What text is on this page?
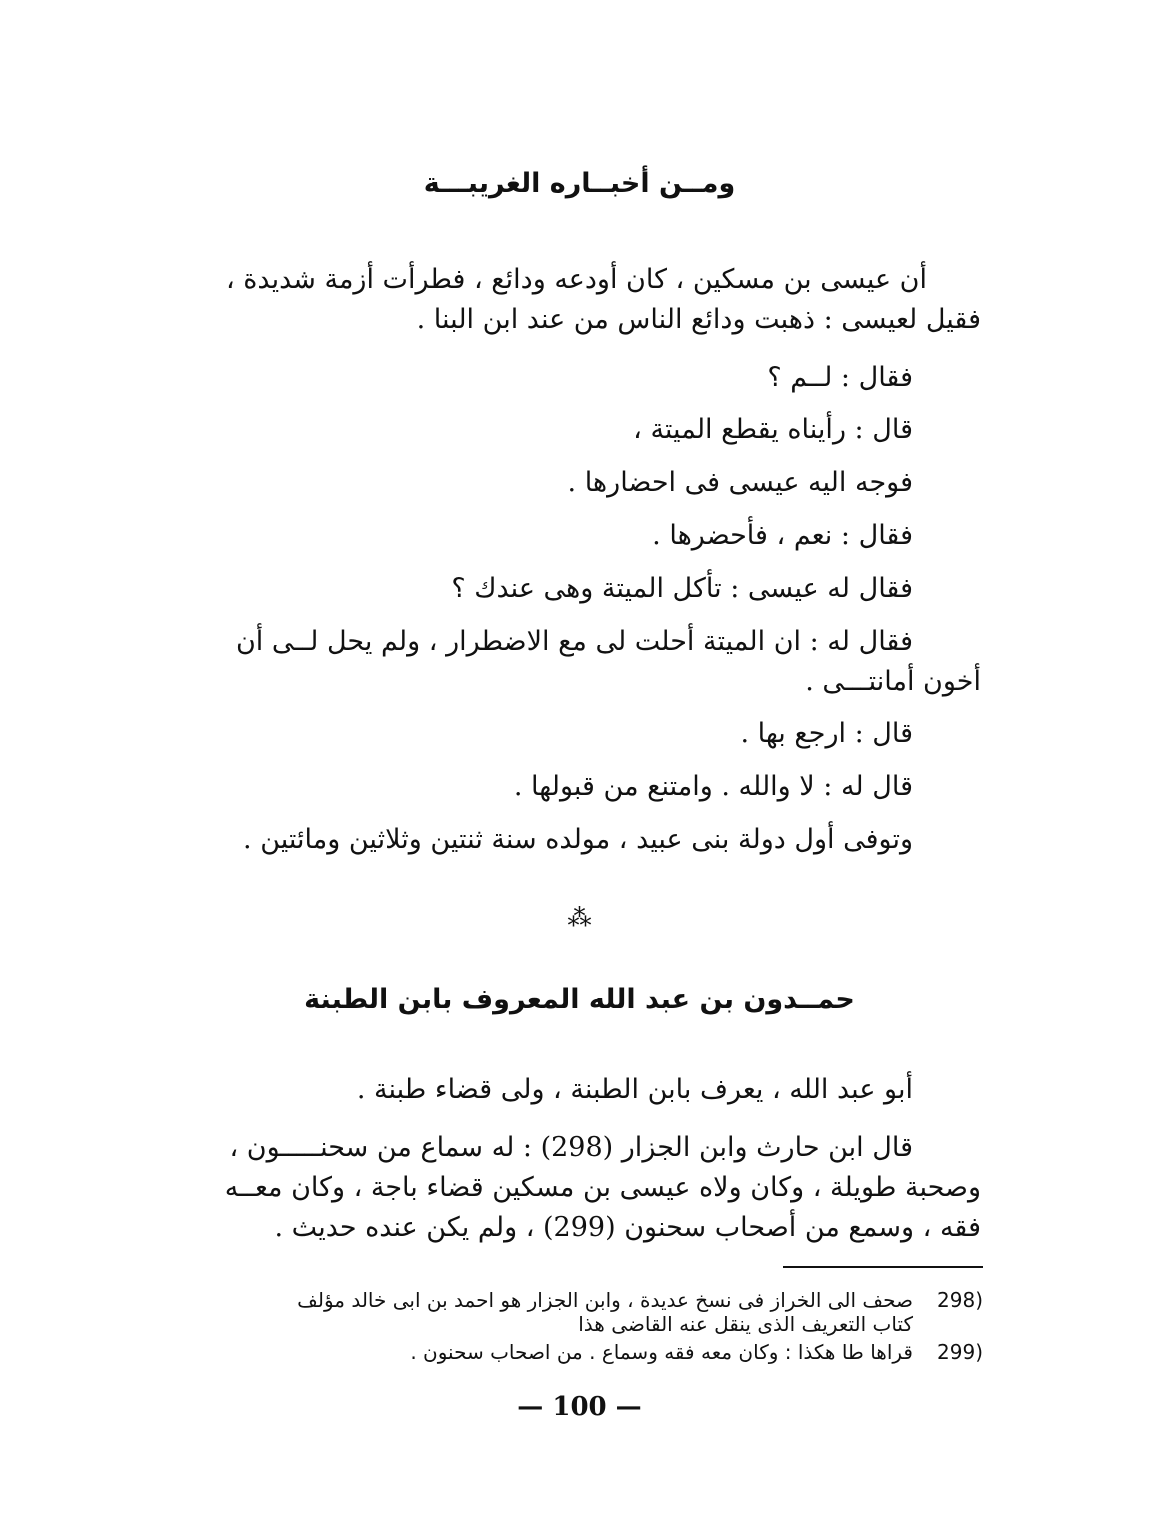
ومــن أخبــاره الغريبـــة
أن عيسى بن مسكين ، كان أودعه ودائع ، فطرأت أزمة شديدة ،
فقيل لعيسى : ذهبت ودائع الناس من عند ابن البنا .
فقال : لــم ؟
قال : رأيناه يقطع الميتة ،
فوجه اليه عيسى فى احضارها .
فقال : نعم ، فأحضرها .
فقال له عيسى : تأكل الميتة وهى عندك ؟
فقال له : ان الميتة أحلت لى مع الاضطرار ، ولم يحل لــى أن
أخون أمانتـــى .
قال : ارجع بها .
قال له : لا والله . وامتنع من قبولها .
وتوفى أول دولة بنى عبيد ، مولده سنة ثنتين وثلاثين ومائتين .
⁂
حمــدون بن عبد الله المعروف بابن الطبنة
أبو عبد الله ، يعرف بابن الطبنة ، ولى قضاء طبنة .
قال ابن حارث وابن الجزار (298) : له سماع من سحنـــــون ،
وصحبة طويلة ، وكان ولاه عيسى بن مسكين قضاء باجة ، وكان معــه
فقه ، وسمع من أصحاب سحنون (299) ، ولم يكن عنده حديث .
298)
صحف الى الخراز فى نسخ عديدة ، وابن الجزار هو احمد بن ابى خالد مؤلف
كتاب التعريف الذى ينقل عنه القاضى هذا
299)
قراها طا هكذا : وكان معه فقه وسماع . من اصحاب سحنون .
— 100 —
